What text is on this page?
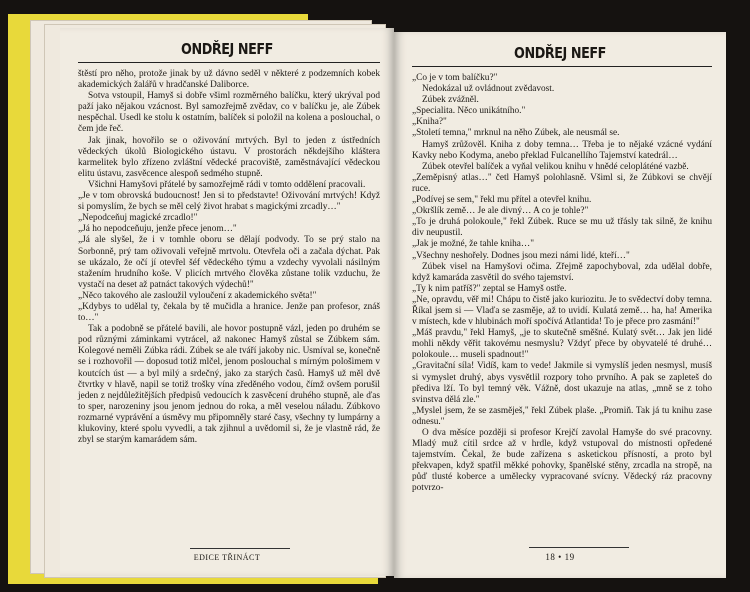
ONDŘEJ NEFF

štěstí pro něho, protože jinak by už dávno seděl v některé z podzemních kobek akademických žalářů v hradčanské Daliborce.

Sotva vstoupil, Hamyš si dobře všiml rozměrného balíčku, který ukrýval pod paží jako nějakou vzácnost. Byl samozřejmě zvědav, co v balíčku je, ale Zúbek nespěchal. Usedl ke stolu k ostatním, balíček si položil na kolena a poslouchal, o čem jde řeč.

Jak jinak, hovořilo se o oživování mrtvých. Byl to jeden z ústředních vědeckých úkolů Biologického ústavu. V prostorách někdejšího kláštera karmelitek bylo zřízeno zvláštní vědecké pracoviště, zaměstnávající vědeckou elitu ústavu, zasvěcence alespoň sedmého stupně.

Všichni Hamyšovi přátelé by samozřejmě rádi v tomto oddělení pracovali.

„Je v tom obrovská budoucnost! Jen si to představte! Oživování mrtvých! Když si pomyslím, že bych se měl celý život hrabat s magickými zrcadly…"

„Nepodceňuj magické zrcadlo!"

„Já ho nepodceňuju, jenže přece jenom…"

„Já ale slyšel, že i v tomhle oboru se dělají podvody. To se prý stalo na Sorbonně, prý tam oživovali veřejně mrtvolu. Otevřela oči a začala dýchat. Pak se ukázalo, že očí jí otevřel šéf vědeckého týmu a vzdechy vyvolali násilným stažením hrudního koše. V plicích mrtvého člověka zůstane tolik vzduchu, že vystačí na deset až patnáct takových výdechů!"

„Něco takového ale zasloužil vyloučení z akademického světa!"

„Kdybys to udělal ty, čekala by tě mučidla a hranice. Jenže pan profesor, znáš to…"

Tak a podobně se přátelé bavili, ale hovor postupně vázl, jeden po druhém se pod různými záminkami vytrácel, až nakonec Hamyš zůstal se Zúbkem sám. Kolegové neměli Zúbka rádi. Zúbek se ale tváří jakoby nic. Usmíval se, konečně se i rozhovořil — doposud totiž mlčel, jenom poslouchal s mírným pološimem v koutcích úst — a byl milý a srdečný, jako za starých časů. Hamyš už měl dvě čtvrtky v hlavě, napil se totiž trošky vína zředěného vodou, čímž ovšem porušil jeden z nejdůležitějších předpisů vedoucích k zasvěcení druhého stupně, ale ďas to sper, narozeniny jsou jenom jednou do roka, a měl veselou náladu. Zúbkovo rozmarné vyprávění a úsměvy mu připomněly staré časy, všechny ty lumpárny a klukoviny, které spolu vyvedli, a tak zjihnul a uvědomil si, že je vlastně rád, že zbyl se starým kamarádem sám.

EDICE TŘINÁCT
ONDŘEJ NEFF

„Co je v tom balíčku?"

Nedokázal už ovládnout zvědavost.

Zúbek zvážněl.

„Specialita. Něco unikátního."

„Kniha?"

„Století temna," mrknul na něho Zúbek, ale neusmál se.

Hamyš zrůžověl. Kniha z doby temna… Třeba je to nějaké vzácné vydání Kavky nebo Kodyma, anebo překlad Fulcanellího Tajemství katedrál…

Zúbek otevřel balíček a vyňal velikou knihu v hnědé celopláténé vazbě.

„Zeměpisný atlas…" četl Hamyš polohlasně. Všiml si, že Zúbkovi se chvějí ruce.

„Podívej se sem," řekl mu přítel a otevřel knihu.

„Okršlík země… Je ale divný… A co je tohle?"

„To je druhá polokoule," řekl Zúbek. Ruce se mu už třásly tak silně, že knihu div neupustil.

„Jak je možné, že tahle kniha…"

„Všechny neshořely. Dodnes jsou mezi námi lidé, kteří…"

Zúbek visel na Hamyšovi očima. Zřejmě zapochyboval, zda udělal dobře, když kamaráda zasvětil do svého tajemství.

„Ty k nim patříš?" zeptal se Hamyš ostře.

„Ne, opravdu, věř mi! Chápu to čistě jako kuriozitu. Je to svědectví doby temna. Říkal jsem si — Vlaďa se zasměje, až to uvidí. Kulatá země… ha, ha! Amerika v místech, kde v hlubinách moří spočívá Atlantida! To je přece pro zasmání!"

„Máš pravdu," řekl Hamyš, „je to skutečně směšné. Kulatý svět… Jak jen lidé mohli někdy věřit takovému nesmyslu? Vždyť přece by obyvatelé té druhé… polokoule… museli spadnout!"

„Gravitační síla! Vidíš, kam to vede! Jakmile si vymyslíš jeden nesmysl, musíš si vymyslet druhý, abys vysvětlil rozpory toho prvního. A pak se zapleteš do předivа lží. To byl temný věk. Vážně, dost ukazuje na atlas, „mně se z toho svinstva dělá zle."

„Myslel jsem, že se zasměješ," řekl Zúbek plaše. „Promiň. Tak já tu knihu zase odnesu."

O dva měsíce později si profesor Krejčí zavolal Hamyše do své pracovny. Mladý muž cítil srdce až v hrdle, když vstupoval do místnosti opředené tajemstvím. Čekal, že bude zařízena s asketickou přísností, a proto byl překvapen, když spatřil měkké pohovky, španělské stěny, zrcadla na stropě, na půď tlusté koberce a umělecky vypracované svícny. Vědecký ráz pracovny potvrzo-

18 • 19
